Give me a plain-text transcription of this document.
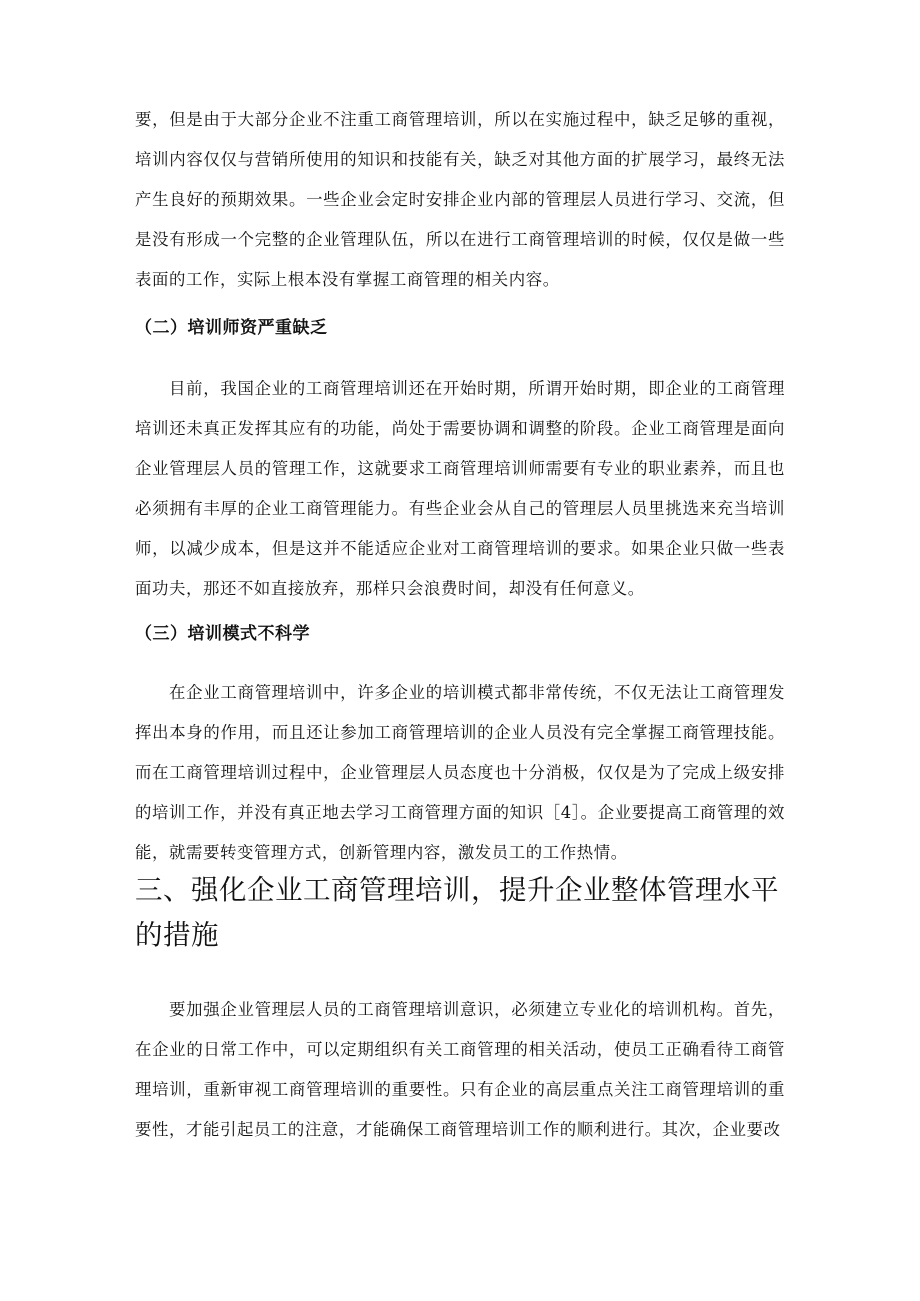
要，但是由于大部分企业不注重工商管理培训，所以在实施过程中，缺乏足够的重视，培训内容仅仅与营销所使用的知识和技能有关，缺乏对其他方面的扩展学习，最终无法产生良好的预期效果。一些企业会定时安排企业内部的管理层人员进行学习、交流，但是没有形成一个完整的企业管理队伍，所以在进行工商管理培训的时候，仅仅是做一些表面的工作，实际上根本没有掌握工商管理的相关内容。

（二）培训师资严重缺乏

目前，我国企业的工商管理培训还在开始时期，所谓开始时期，即企业的工商管理培训还未真正发挥其应有的功能，尚处于需要协调和调整的阶段。企业工商管理是面向企业管理层人员的管理工作，这就要求工商管理培训师需要有专业的职业素养，而且也必须拥有丰厚的企业工商管理能力。有些企业会从自己的管理层人员里挑选来充当培训师，以减少成本，但是这并不能适应企业对工商管理培训的要求。如果企业只做一些表面功夫，那还不如直接放弃，那样只会浪费时间，却没有任何意义。

（三）培训模式不科学

在企业工商管理培训中，许多企业的培训模式都非常传统，不仅无法让工商管理发挥出本身的作用，而且还让参加工商管理培训的企业人员没有完全掌握工商管理技能。而在工商管理培训过程中，企业管理层人员态度也十分消极，仅仅是为了完成上级安排的培训工作，并没有真正地去学习工商管理方面的知识［4］。企业要提高工商管理的效能，就需要转变管理方式，创新管理内容，激发员工的工作热情。

三、强化企业工商管理培训，提升企业整体管理水平的措施

要加强企业管理层人员的工商管理培训意识，必须建立专业化的培训机构。首先，在企业的日常工作中，可以定期组织有关工商管理的相关活动，使员工正确看待工商管理培训，重新审视工商管理培训的重要性。只有企业的高层重点关注工商管理培训的重要性，才能引起员工的注意，才能确保工商管理培训工作的顺利进行。其次，企业要改
